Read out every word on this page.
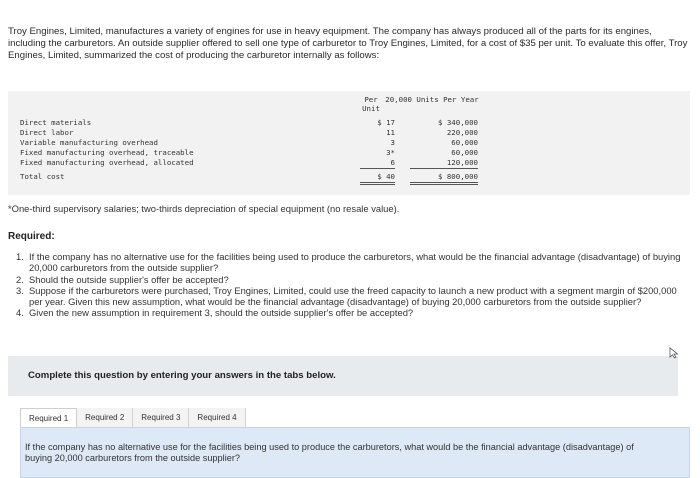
Troy Engines, Limited, manufactures a variety of engines for use in heavy equipment. The company has always produced all of the parts for its engines, including the carburetors. An outside supplier offered to sell one type of carburetor to Troy Engines, Limited, for a cost of $35 per unit. To evaluate this offer, Troy Engines, Limited, summarized the cost of producing the carburetor internally as follows:

Per Unit
20,000 Units Per Year
Direct materials	$ 17	$ 340,000
Direct labor	11	220,000
Variable manufacturing overhead	3	60,000
Fixed manufacturing overhead, traceable	3*	60,000
Fixed manufacturing overhead, allocated	6	120,000
Total cost	$ 40	$ 800,000

*One-third supervisory salaries; two-thirds depreciation of special equipment (no resale value).

Required:

1. If the company has no alternative use for the facilities being used to produce the carburetors, what would be the financial advantage (disadvantage) of buying 20,000 carburetors from the outside supplier?
2. Should the outside supplier's offer be accepted?
3. Suppose if the carburetors were purchased, Troy Engines, Limited, could use the freed capacity to launch a new product with a segment margin of $200,000 per year. Given this new assumption, what would be the financial advantage (disadvantage) of buying 20,000 carburetors from the outside supplier?
4. Given the new assumption in requirement 3, should the outside supplier's offer be accepted?
Complete this question by entering your answers in the tabs below.
Required 1	Required 2	Required 3	Required 4

If the company has no alternative use for the facilities being used to produce the carburetors, what would be the financial advantage (disadvantage) of buying 20,000 carburetors from the outside supplier?
